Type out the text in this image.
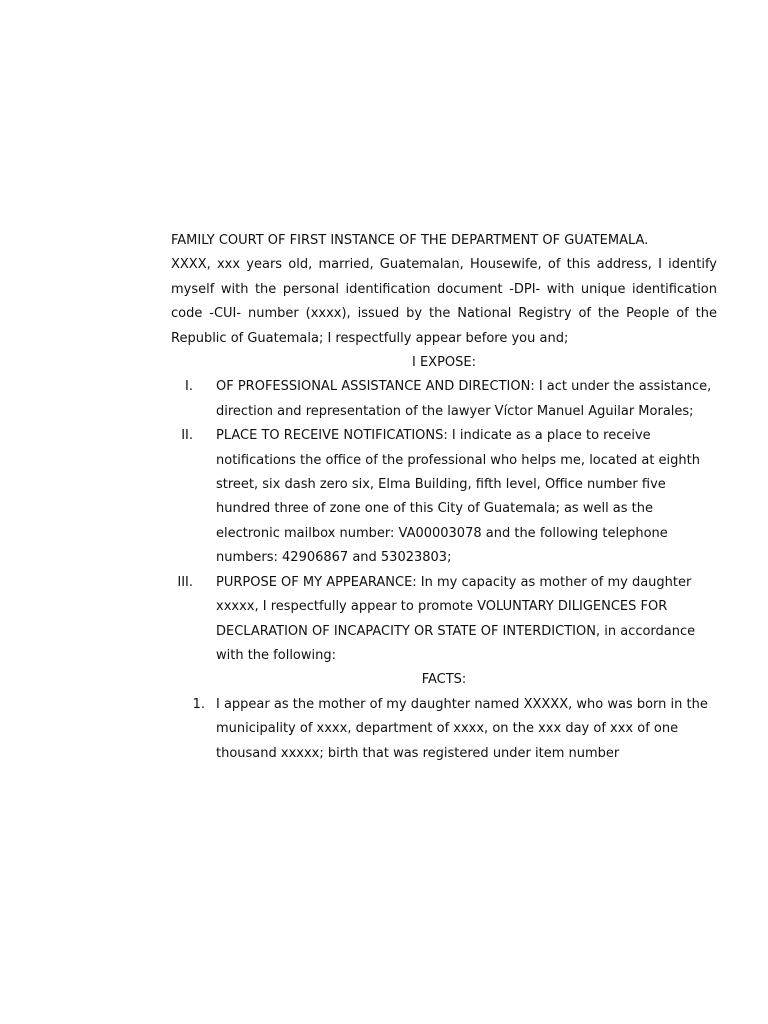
FAMILY COURT OF FIRST INSTANCE OF THE DEPARTMENT OF GUATEMALA.
XXXX, xxx years old, married, Guatemalan, Housewife, of this address, I identify myself with the personal identification document -DPI- with unique identification code -CUI- number (xxxx), issued by the National Registry of the People of the Republic of Guatemala; I respectfully appear before you and;
I EXPOSE:
I. OF PROFESSIONAL ASSISTANCE AND DIRECTION: I act under the assistance, direction and representation of the lawyer Víctor Manuel Aguilar Morales;
II. PLACE TO RECEIVE NOTIFICATIONS: I indicate as a place to receive notifications the office of the professional who helps me, located at eighth street, six dash zero six, Elma Building, fifth level, Office number five hundred three of zone one of this City of Guatemala; as well as the electronic mailbox number: VA00003078 and the following telephone numbers: 42906867 and 53023803;
III. PURPOSE OF MY APPEARANCE: In my capacity as mother of my daughter xxxxx, I respectfully appear to promote VOLUNTARY DILIGENCES FOR DECLARATION OF INCAPACITY OR STATE OF INTERDICTION, in accordance with the following:
FACTS:
1. I appear as the mother of my daughter named XXXXX, who was born in the municipality of xxxx, department of xxxx, on the xxx day of xxx of one thousand xxxxx; birth that was registered under item number
